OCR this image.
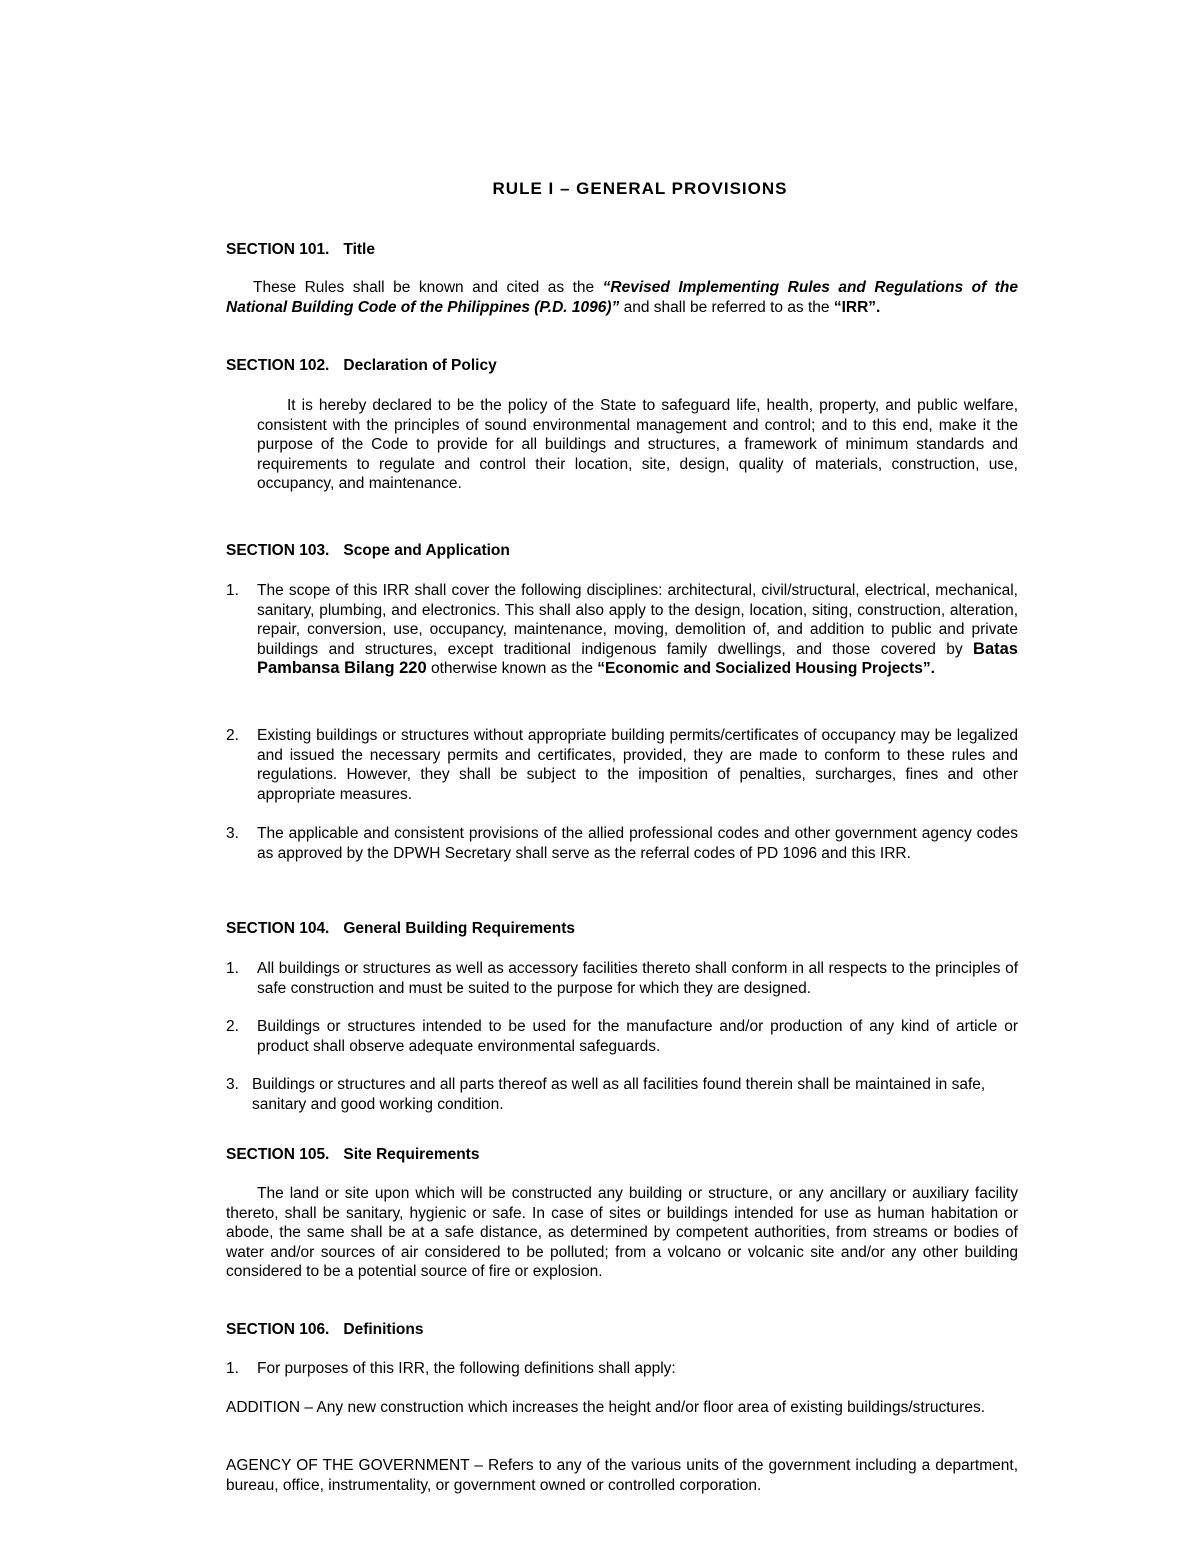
RULE I – GENERAL PROVISIONS

SECTION 101. Title

These Rules shall be known and cited as the “Revised Implementing Rules and Regulations of the National Building Code of the Philippines (P.D. 1096)” and shall be referred to as the “IRR”.

SECTION 102. Declaration of Policy

It is hereby declared to be the policy of the State to safeguard life, health, property, and public welfare, consistent with the principles of sound environmental management and control; and to this end, make it the purpose of the Code to provide for all buildings and structures, a framework of minimum standards and requirements to regulate and control their location, site, design, quality of materials, construction, use, occupancy, and maintenance.

SECTION 103. Scope and Application

1. The scope of this IRR shall cover the following disciplines: architectural, civil/structural, electrical, mechanical, sanitary, plumbing, and electronics. This shall also apply to the design, location, siting, construction, alteration, repair, conversion, use, occupancy, maintenance, moving, demolition of, and addition to public and private buildings and structures, except traditional indigenous family dwellings, and those covered by Batas Pambansa Bilang 220 otherwise known as the “Economic and Socialized Housing Projects”.

2. Existing buildings or structures without appropriate building permits/certificates of occupancy may be legalized and issued the necessary permits and certificates, provided, they are made to conform to these rules and regulations. However, they shall be subject to the imposition of penalties, surcharges, fines and other appropriate measures.

3. The applicable and consistent provisions of the allied professional codes and other government agency codes as approved by the DPWH Secretary shall serve as the referral codes of PD 1096 and this IRR.

SECTION 104. General Building Requirements

1. All buildings or structures as well as accessory facilities thereto shall conform in all respects to the principles of safe construction and must be suited to the purpose for which they are designed.

2. Buildings or structures intended to be used for the manufacture and/or production of any kind of article or product shall observe adequate environmental safeguards.

3. Buildings or structures and all parts thereof as well as all facilities found therein shall be maintained in safe, sanitary and good working condition.

SECTION 105. Site Requirements

The land or site upon which will be constructed any building or structure, or any ancillary or auxiliary facility thereto, shall be sanitary, hygienic or safe. In case of sites or buildings intended for use as human habitation or abode, the same shall be at a safe distance, as determined by competent authorities, from streams or bodies of water and/or sources of air considered to be polluted; from a volcano or volcanic site and/or any other building considered to be a potential source of fire or explosion.

SECTION 106. Definitions

1. For purposes of this IRR, the following definitions shall apply:

ADDITION – Any new construction which increases the height and/or floor area of existing buildings/structures.

AGENCY OF THE GOVERNMENT – Refers to any of the various units of the government including a department, bureau, office, instrumentality, or government owned or controlled corporation.
